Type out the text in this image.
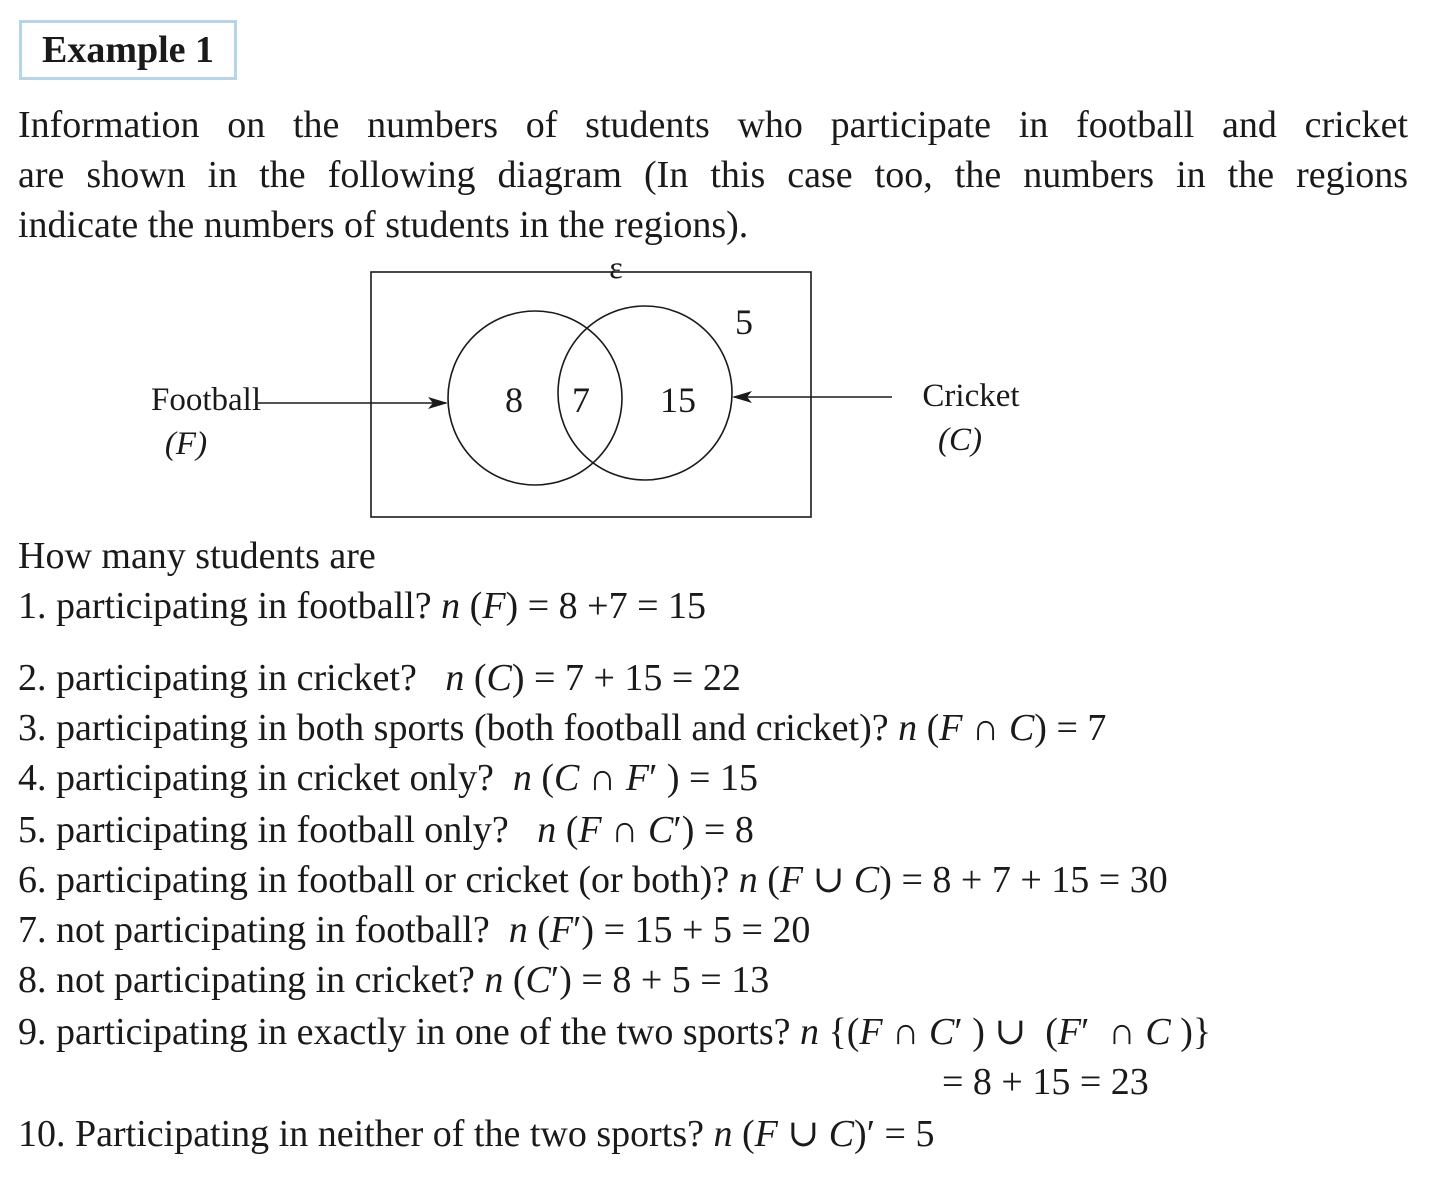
Example 1

Information on the numbers of students who participate in football and cricket

are shown in the following diagram (In this case too, the numbers in the regions

indicate the numbers of students in the regions).

ε
5
8 7 15
Football
(F)
Cricket
(C)
How many students are
1. participating in football? n (F) = 8 +7 = 15
2. participating in cricket?   n (C) = 7 + 15 = 22
3. participating in both sports (both football and cricket)? n (F ∩ C) = 7
4. participating in cricket only?  n (C ∩ F′ ) = 15
5. participating in football only?   n (F ∩ C′) = 8
6. participating in football or cricket (or both)? n (F ∪ C) = 8 + 7 + 15 = 30
7. not participating in football?  n (F′) = 15 + 5 = 20
8. not participating in cricket? n (C′) = 8 + 5 = 13
9. participating in exactly in one of the two sports? n {(F ∩ C′ ) ∪ (F′ ∩ C )}
= 8 + 15 = 23
10. Participating in neither of the two sports? n (F ∪ C)′ = 5
